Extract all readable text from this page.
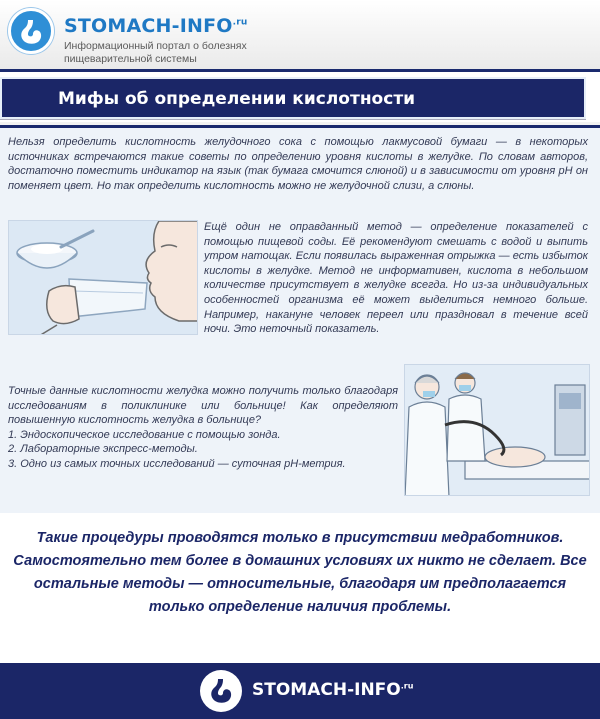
STOMACH-$INFO^{.ru}$
Информационный портал о болезнях пищеварительной системы
Мифы об определении кислотности
Нельзя определить кислотность желудочного сока с помощью лакмусовой бумаги — в некоторых источниках встречаются такие советы по определению уровня кислоты в желудке. По словам авторов, достаточно поместить индикатор на язык (так бумага смочится слюной) и в зависимости от уровня pH он поменяет цвет. Но так определить кислотность можно не желудочной слизи, а слюны.
Ещё один не оправданный метод — определение показателей с помощью пищевой соды. Её рекомендуют смешать с водой и выпить утром натощак. Если появилась выраженная отрыжка — есть избыток кислоты в желудке. Метод не информативен, кислота в небольшом количестве присутствует в желудке всегда. Но из-за индивидуальных особенностей организма её может выделиться немного больше. Например, накануне человек переел или праздновал в течение всей ночи. Это неточный показатель.
Точные данные кислотности желудка можно получить только благодаря исследованиям в поликлинике или больнице! Как определяют повышенную кислотность желудка в больнице?
1. Эндоскопическое исследование с помощью зонда.
2. Лабораторные экспресс-методы.
3. Одно из самых точных исследований — суточная pH-метрия.
Такие процедуры проводятся только в присутствии медработников. Самостоятельно тем более в домашних условиях их никто не сделает. Все остальные методы — относительные, благодаря им предполагается только определение наличия проблемы.
STOMACH-$INFO^{.ru}$
